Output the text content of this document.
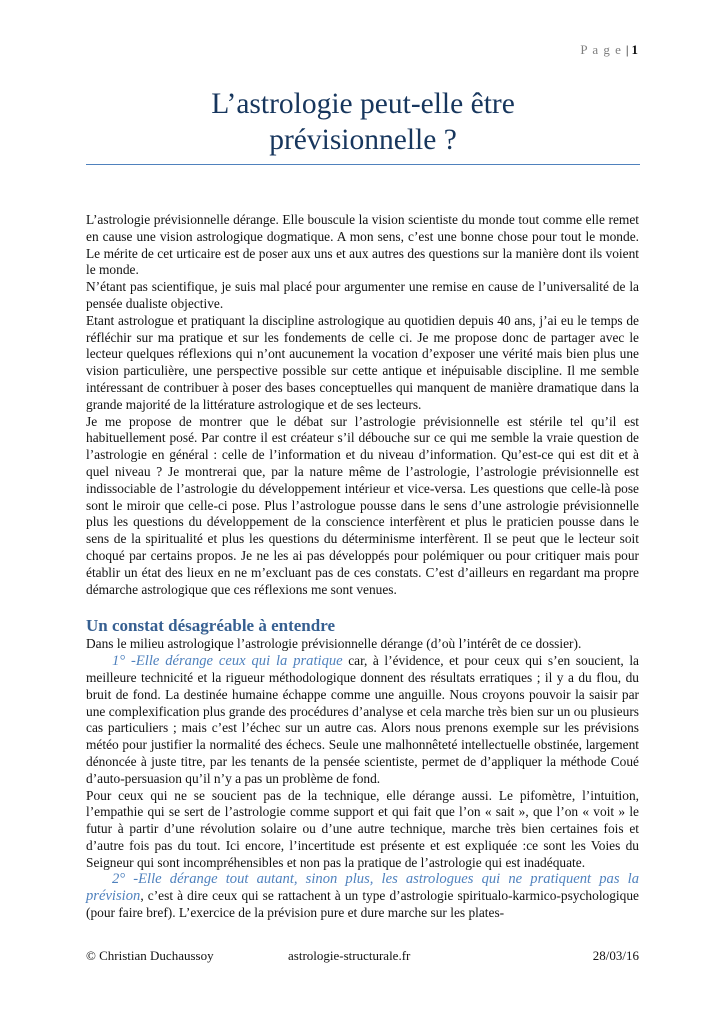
P a g e | 1
L’astrologie peut-elle être
prévisionnelle ?

L’astrologie prévisionnelle dérange. Elle bouscule la vision scientiste du monde tout comme elle remet en cause une vision astrologique dogmatique. A mon sens, c’est une bonne chose pour tout le monde. Le mérite de cet urticaire est de poser aux uns et aux autres des questions sur la manière dont ils voient le monde.

N’étant pas scientifique, je suis mal placé pour argumenter une remise en cause de l’universalité de la pensée dualiste objective.

Etant astrologue et pratiquant la discipline astrologique au quotidien depuis 40 ans, j’ai eu le temps de réfléchir sur ma pratique et sur les fondements de celle ci. Je me propose donc de partager avec le lecteur quelques réflexions qui n’ont aucunement la vocation d’exposer une vérité mais bien plus une vision particulière, une perspective possible sur cette antique et inépuisable discipline. Il me semble intéressant de contribuer à poser des bases conceptuelles qui manquent de manière dramatique dans la grande majorité de la littérature astrologique et de ses lecteurs.

Je me propose de montrer que le débat sur l’astrologie prévisionnelle est stérile tel qu’il est habituellement posé. Par contre il est créateur s’il débouche sur ce qui me semble la vraie question de l’astrologie en général : celle de l’information et du niveau d’information. Qu’est-ce qui est dit et à quel niveau ? Je montrerai que, par la nature même de l’astrologie, l’astrologie prévisionnelle est indissociable de l’astrologie du développement intérieur et vice-versa. Les questions que celle-là pose sont le miroir que celle-ci pose. Plus l’astrologue pousse dans le sens d’une astrologie prévisionnelle plus les questions du développement de la conscience interfèrent et plus le praticien pousse dans le sens de la spiritualité et plus les questions du déterminisme interfèrent. Il se peut que le lecteur soit choqué par certains propos. Je ne les ai pas développés pour polémiquer ou pour critiquer mais pour établir un état des lieux en ne m’excluant pas de ces constats. C’est d’ailleurs en regardant ma propre démarche astrologique que ces réflexions me sont venues.

Un constat désagréable à entendre

Dans le milieu astrologique l’astrologie prévisionnelle dérange (d’où l’intérêt de ce dossier).

1° -Elle dérange ceux qui la pratique car, à l’évidence, et pour ceux qui s’en soucient, la meilleure technicité et la rigueur méthodologique donnent des résultats erratiques ; il y a du flou, du bruit de fond. La destinée humaine échappe comme une anguille. Nous croyons pouvoir la saisir par une complexification plus grande des procédures d’analyse et cela marche très bien sur un ou plusieurs cas particuliers ; mais c’est l’échec sur un autre cas. Alors nous prenons exemple sur les prévisions météo pour justifier la normalité des échecs. Seule une malhonnêteté intellectuelle obstinée, largement dénoncée à juste titre, par les tenants de la pensée scientiste, permet de d’appliquer la méthode Coué d’auto-persuasion qu’il n’y a pas un problème de fond.

Pour ceux qui ne se soucient pas de la technique, elle dérange aussi. Le pifomètre, l’intuition, l’empathie qui se sert de l’astrologie comme support et qui fait que l’on « sait », que l’on « voit » le futur à partir d’une révolution solaire ou d’une autre technique, marche très bien certaines fois et d’autre fois pas du tout. Ici encore, l’incertitude est présente et est expliquée :ce sont les Voies du Seigneur qui sont incompréhensibles et non pas la pratique de l’astrologie qui est inadéquate.

2° -Elle dérange tout autant, sinon plus, les astrologues qui ne pratiquent pas la prévision, c’est à dire ceux qui se rattachent à un type d’astrologie spiritualo-karmico-psychologique (pour faire bref). L’exercice de la prévision pure et dure marche sur les plates-

© Christian Duchaussoy	astrologie-structurale.fr	28/03/16
